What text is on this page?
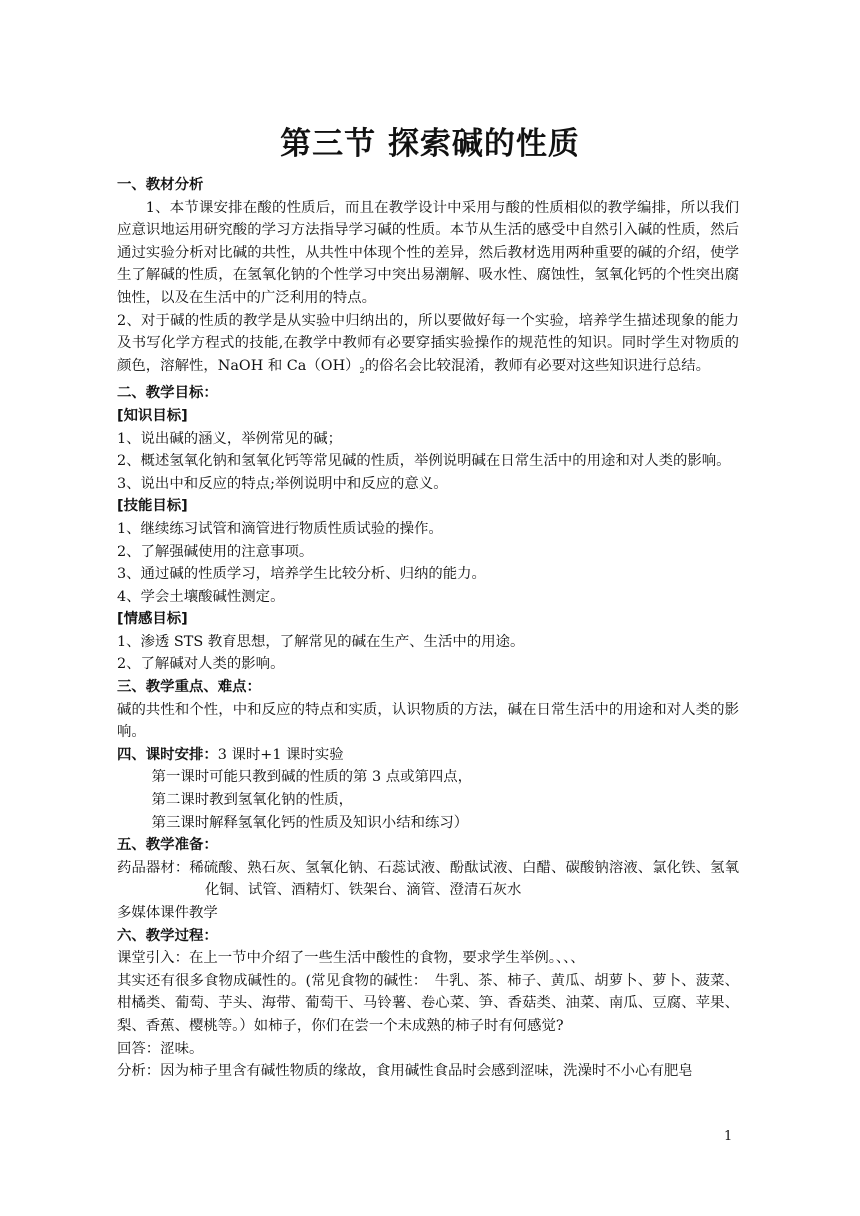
第三节 探索碱的性质

一、教材分析

1、本节课安排在酸的性质后，而且在教学设计中采用与酸的性质相似的教学编排，所以我们应意识地运用研究酸的学习方法指导学习碱的性质。本节从生活的感受中自然引入碱的性质，然后通过实验分析对比碱的共性，从共性中体现个性的差异，然后教材选用两种重要的碱的介绍，使学生了解碱的性质，在氢氧化钠的个性学习中突出易潮解、吸水性、腐蚀性，氢氧化钙的个性突出腐蚀性，以及在生活中的广泛利用的特点。

2、对于碱的性质的教学是从实验中归纳出的，所以要做好每一个实验，培养学生描述现象的能力及书写化学方程式的技能,在教学中教师有必要穿插实验操作的规范性的知识。同时学生对物质的颜色，溶解性，NaOH 和 $Ca(OH)_2$的俗名会比较混淆，教师有必要对这些知识进行总结。

二、教学目标：

[知识目标]

1、说出碱的涵义，举例常见的碱；

2、概述氢氧化钠和氢氧化钙等常见碱的性质，举例说明碱在日常生活中的用途和对人类的影响。

3、说出中和反应的特点;举例说明中和反应的意义。

[技能目标]

1、继续练习试管和滴管进行物质性质试验的操作。

2、了解强碱使用的注意事项。

3、通过碱的性质学习，培养学生比较分析、归纳的能力。

4、学会土壤酸碱性测定。

[情感目标]

1、渗透 STS 教育思想，了解常见的碱在生产、生活中的用途。

2、了解碱对人类的影响。

三、教学重点、难点：

碱的共性和个性，中和反应的特点和实质，认识物质的方法，碱在日常生活中的用途和对人类的影响。

四、课时安排：3 课时+1 课时实验

第一课时可能只教到碱的性质的第 3 点或第四点，

第二课时教到氢氧化钠的性质，

第三课时解释氢氧化钙的性质及知识小结和练习）

五、教学准备：

药品器材：稀硫酸、熟石灰、氢氧化钠、石蕊试液、酚酞试液、白醋、碳酸钠溶液、氯化铁、氢氧化铜、试管、酒精灯、铁架台、滴管、澄清石灰水

多媒体课件教学

六、教学过程：

课堂引入：在上一节中介绍了一些生活中酸性的食物，要求学生举例。、、、

其实还有很多食物成碱性的。(常见食物的碱性：　牛乳、茶、柿子、黄瓜、胡萝卜、萝卜、菠菜、柑橘类、葡萄、芋头、海带、葡萄干、马铃薯、卷心菜、笋、香菇类、油菜、南瓜、豆腐、苹果、梨、香蕉、樱桃等。）如柿子，你们在尝一个未成熟的柿子时有何感觉?

回答：涩味。

分析：因为柿子里含有碱性物质的缘故，食用碱性食品时会感到涩味，洗澡时不小心有肥皂

1
